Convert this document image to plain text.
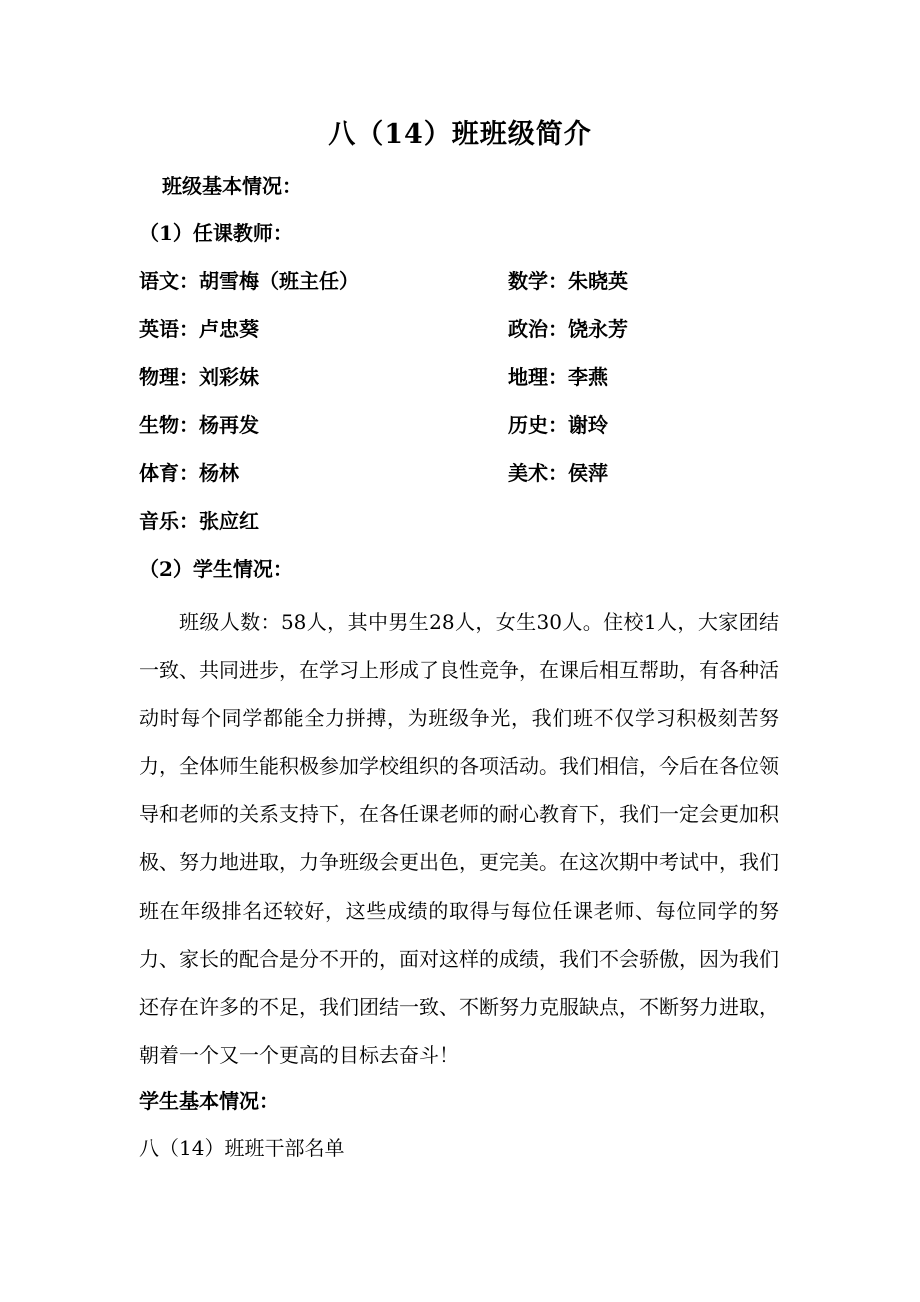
八（14）班班级简介
班级基本情况：
（1）任课教师：
语文：胡雪梅（班主任）	数学：朱晓英
英语：卢忠葵	政治：饶永芳
物理：刘彩妹	地理：李燕
生物：杨再发	历史：谢玲
体育：杨林	美术：侯萍
音乐：张应红
（2）学生情况：
班级人数：58人，其中男生28人，女生30人。住校1人，大家团结一致、共同进步，在学习上形成了良性竞争，在课后相互帮助，有各种活动时每个同学都能全力拼搏，为班级争光，我们班不仅学习积极刻苦努力，全体师生能积极参加学校组织的各项活动。我们相信，今后在各位领导和老师的关系支持下，在各任课老师的耐心教育下，我们一定会更加积极、努力地进取，力争班级会更出色，更完美。在这次期中考试中，我们班在年级排名还较好，这些成绩的取得与每位任课老师、每位同学的努力、家长的配合是分不开的，面对这样的成绩，我们不会骄傲，因为我们还存在许多的不足，我们团结一致、不断努力克服缺点，不断努力进取，朝着一个又一个更高的目标去奋斗！
学生基本情况：
八（14）班班干部名单
